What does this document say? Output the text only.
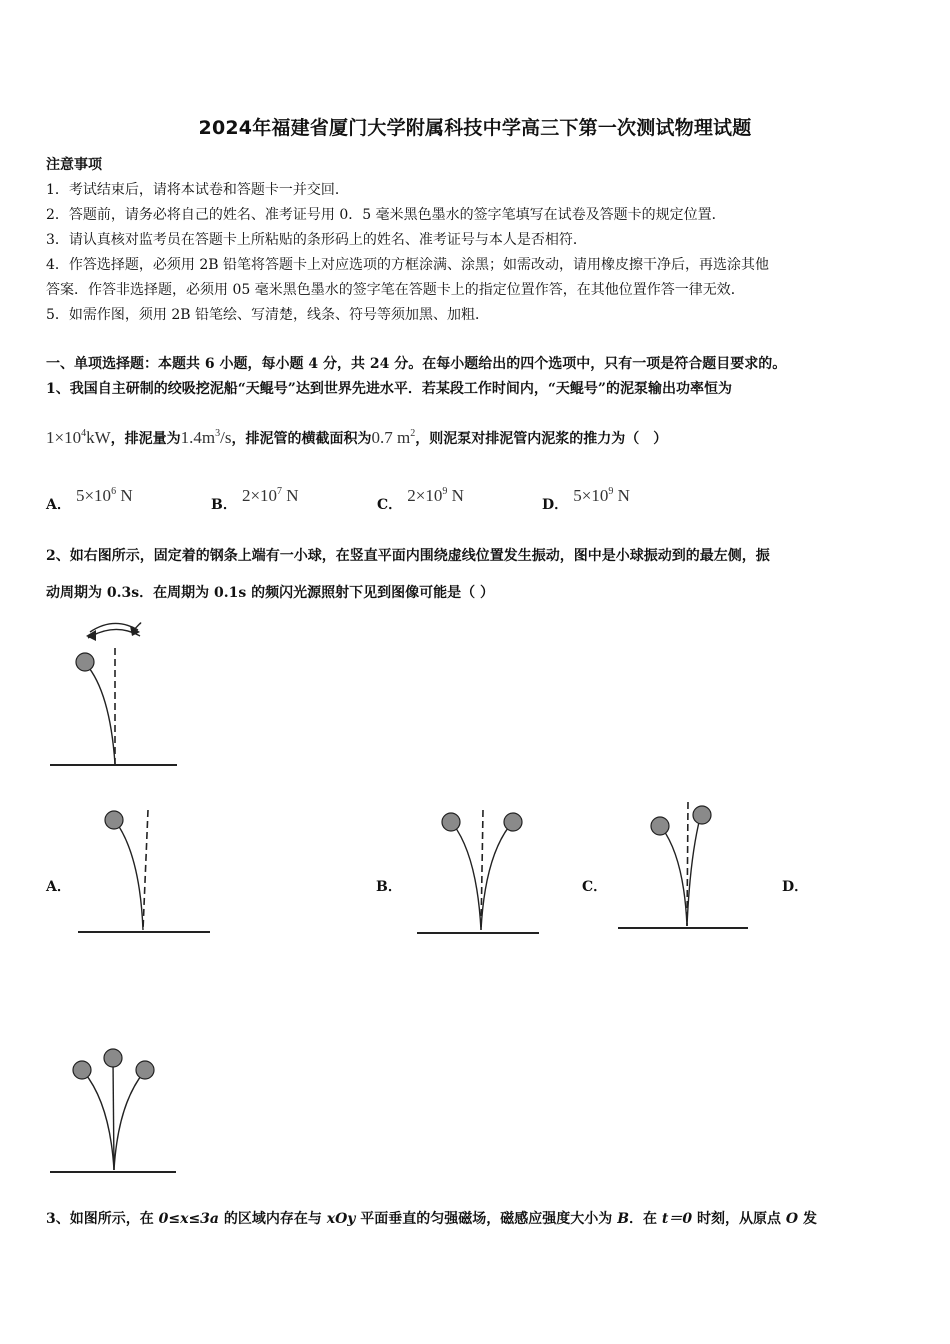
2024年福建省厦门大学附属科技中学高三下第一次测试物理试题
注意事项
1．考试结束后，请将本试卷和答题卡一并交回．
2．答题前，请务必将自己的姓名、准考证号用 0．5 毫米黑色墨水的签字笔填写在试卷及答题卡的规定位置．
3．请认真核对监考员在答题卡上所粘贴的条形码上的姓名、准考证号与本人是否相符．
4．作答选择题，必须用 2B 铅笔将答题卡上对应选项的方框涂满、涂黑；如需改动，请用橡皮擦干净后，再选涂其他
答案．作答非选择题，必须用 05 毫米黑色墨水的签字笔在答题卡上的指定位置作答，在其他位置作答一律无效．
5．如需作图，须用 2B 铅笔绘、写清楚，线条、符号等须加黑、加粗．
一、单项选择题：本题共 6 小题，每小题 4 分，共 24 分。在每小题给出的四个选项中，只有一项是符合题目要求的。
1、我国自主研制的绞吸挖泥船“天鲲号”达到世界先进水平．若某段工作时间内，“天鲲号”的泥泵输出功率恒为
$1\times 10^4kW$，排泥量为$1.4m^3/s$，排泥管的横截面积为0.7 $m^2$，则泥泵对排泥管内泥浆的推力为（　）
A． $5\times 10^6$ N	B． $2\times 10^7$ N	C． $2\times 10^9$ N	D． $5\times 10^9$ N
2、如右图所示，固定着的钢条上端有一小球，在竖直平面内围绕虚线位置发生振动，图中是小球振动到的最左侧，振
动周期为 0.3s．在周期为 0.1s 的频闪光源照射下见到图像可能是（ ）
A．	B．	C．	D．
3、如图所示，在 0≤x≤3a 的区域内存在与 xOy 平面垂直的匀强磁场，磁感应强度大小为 B．在 t＝0 时刻，从原点 O 发
